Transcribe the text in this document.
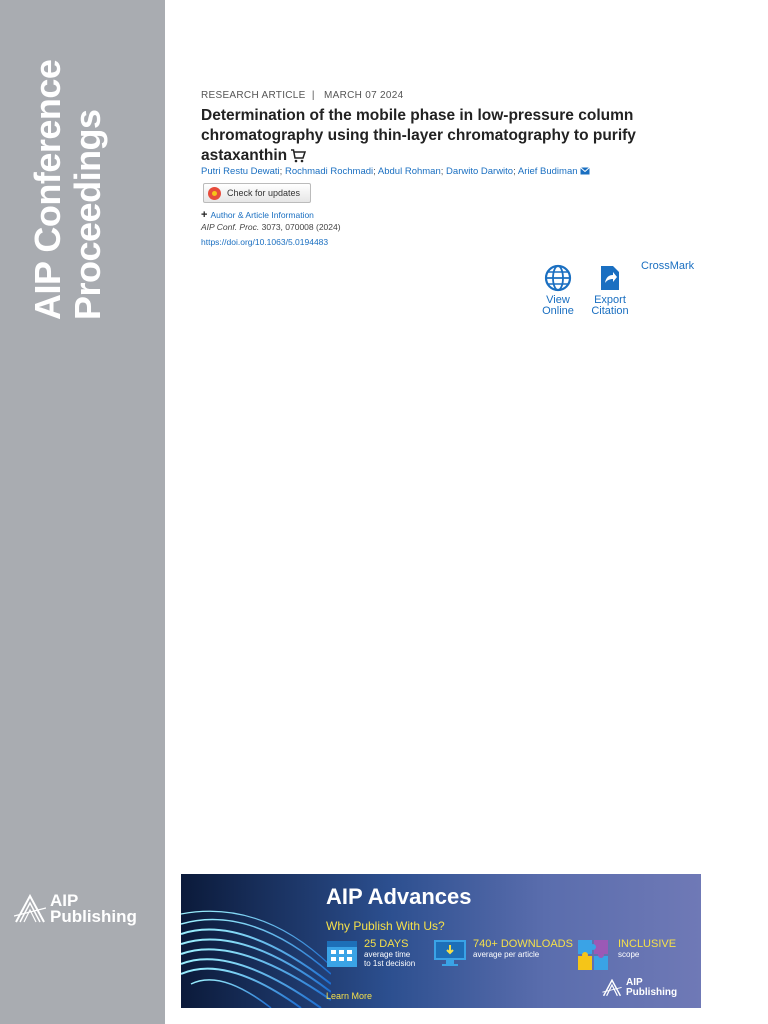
AIP Conference Proceedings
AIP
Publishing
RESEARCH ARTICLE | MARCH 07 2024
Determination of the mobile phase in low-pressure column chromatography using thin-layer chromatography to purify astaxanthin
Putri Restu Dewati; Rochmadi Rochmadi; Abdul Rohman; Darwito Darwito; Arief Budiman
Check for updates
+ Author & Article Information
AIP Conf. Proc. 3073, 070008 (2024)
https://doi.org/10.1063/5.0194483
View
Online
Export
Citation
CrossMark
AIP Advances
Why Publish With Us?
25 DAYS
average time
to 1st decision
740+ DOWNLOADS
average per article
INCLUSIVE
scope
Learn More
AIP
Publishing
